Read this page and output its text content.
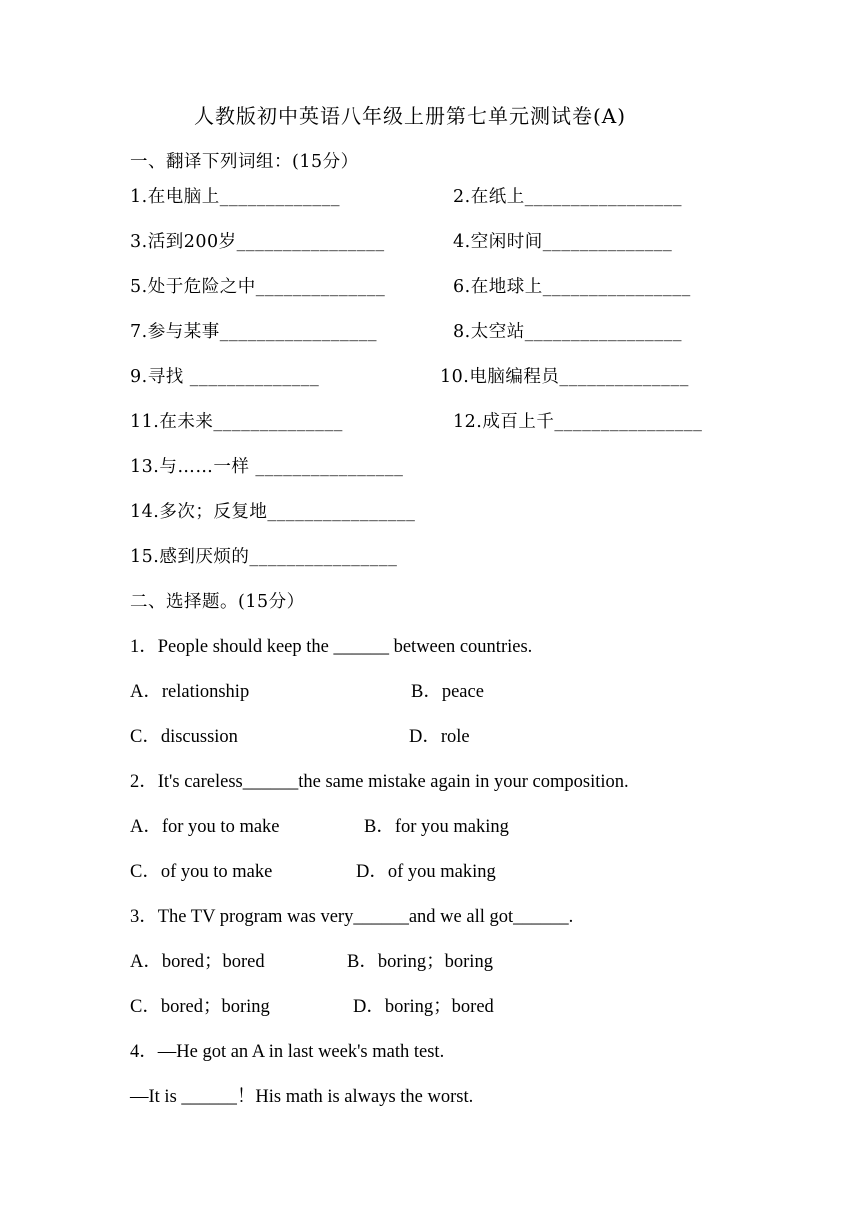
人教版初中英语八年级上册第七单元测试卷(A)
一、翻译下列词组：(15分）
1.在电脑上_____________	2.在纸上_________________
3.活到200岁________________	4.空闲时间______________
5.处于危险之中______________	6.在地球上________________
7.参与某事_________________	8.太空站_________________
9.寻找 ______________	10.电脑编程员______________
11.在未来______________	12.成百上千________________
13.与……一样 ________________
14.多次；反复地________________
15.感到厌烦的________________
二、选择题。(15分）
1．People should keep the ______ between countries.
A．relationship	B．peace
C．discussion	D．role
2．It's careless______the same mistake again in your composition.
A．for you to make	B．for you making
C．of you to make	D．of you making
3．The TV program was very______and we all got______.
A．bored；bored	B．boring；boring
C．bored；boring	D．boring；bored
4．—He got an A in last week's math test.
—It is ______！His math is always the worst.
